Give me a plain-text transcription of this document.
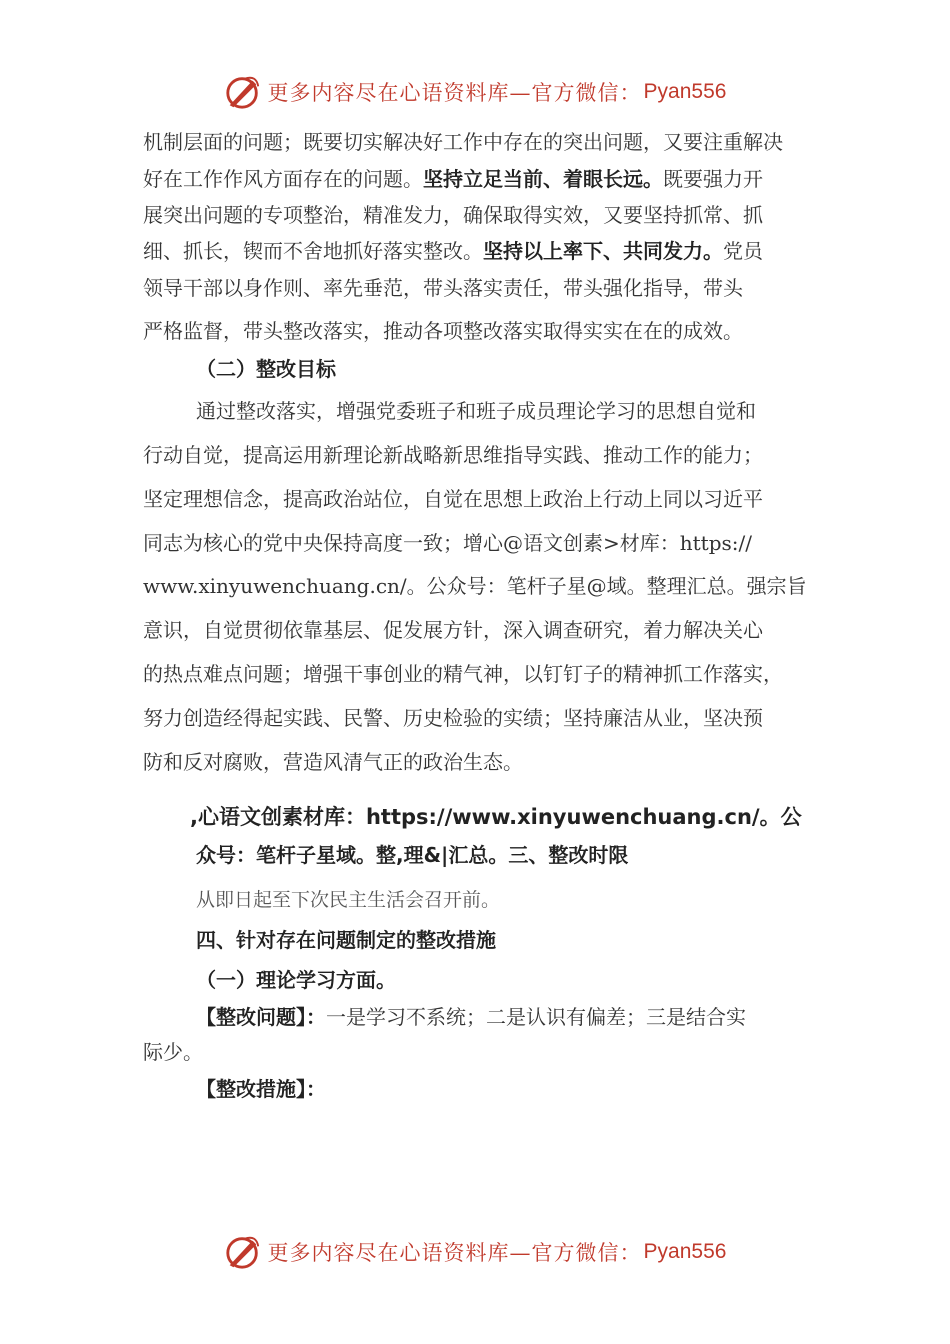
更多内容尽在心语资料库—官方微信： Pyan556
机制层面的问题；既要切实解决好工作中存在的突出问题，又要注重解决
好在工作作风方面存在的问题。坚持立足当前、着眼长远。既要强力开
展突出问题的专项整治，精准发力，确保取得实效，又要坚持抓常、抓
细、抓长，锲而不舍地抓好落实整改。坚持以上率下、共同发力。党员
领导干部以身作则、率先垂范，带头落实责任，带头强化指导，带头
严格监督，带头整改落实，推动各项整改落实取得实实在在的成效。
（二）整改目标
通过整改落实，增强党委班子和班子成员理论学习的思想自觉和
行动自觉，提高运用新理论新战略新思维指导实践、推动工作的能力；
坚定理想信念，提高政治站位，自觉在思想上政治上行动上同以习近平
同志为核心的党中央保持高度一致；增心@语文创素>材库：https://
www.xinyuwenchuang.cn/。公众号：笔杆子星@域。整理汇总。强宗旨
意识，自觉贯彻依靠基层、促发展方针，深入调查研究，着力解决关心
的热点难点问题；增强干事创业的精气神，以钉钉子的精神抓工作落实，
努力创造经得起实践、民警、历史检验的实绩；坚持廉洁从业，坚决预
防和反对腐败，营造风清气正的政治生态。
,心语文创素材库：https://www.xinyuwenchuang.cn/。公
众号：笔杆子星域。整,理&|汇总。三、整改时限
从即日起至下次民主生活会召开前。
四、针对存在问题制定的整改措施
（一）理论学习方面。
【整改问题】：一是学习不系统；二是认识有偏差；三是结合实
际少。
【整改措施】：
更多内容尽在心语资料库—官方微信： Pyan556
